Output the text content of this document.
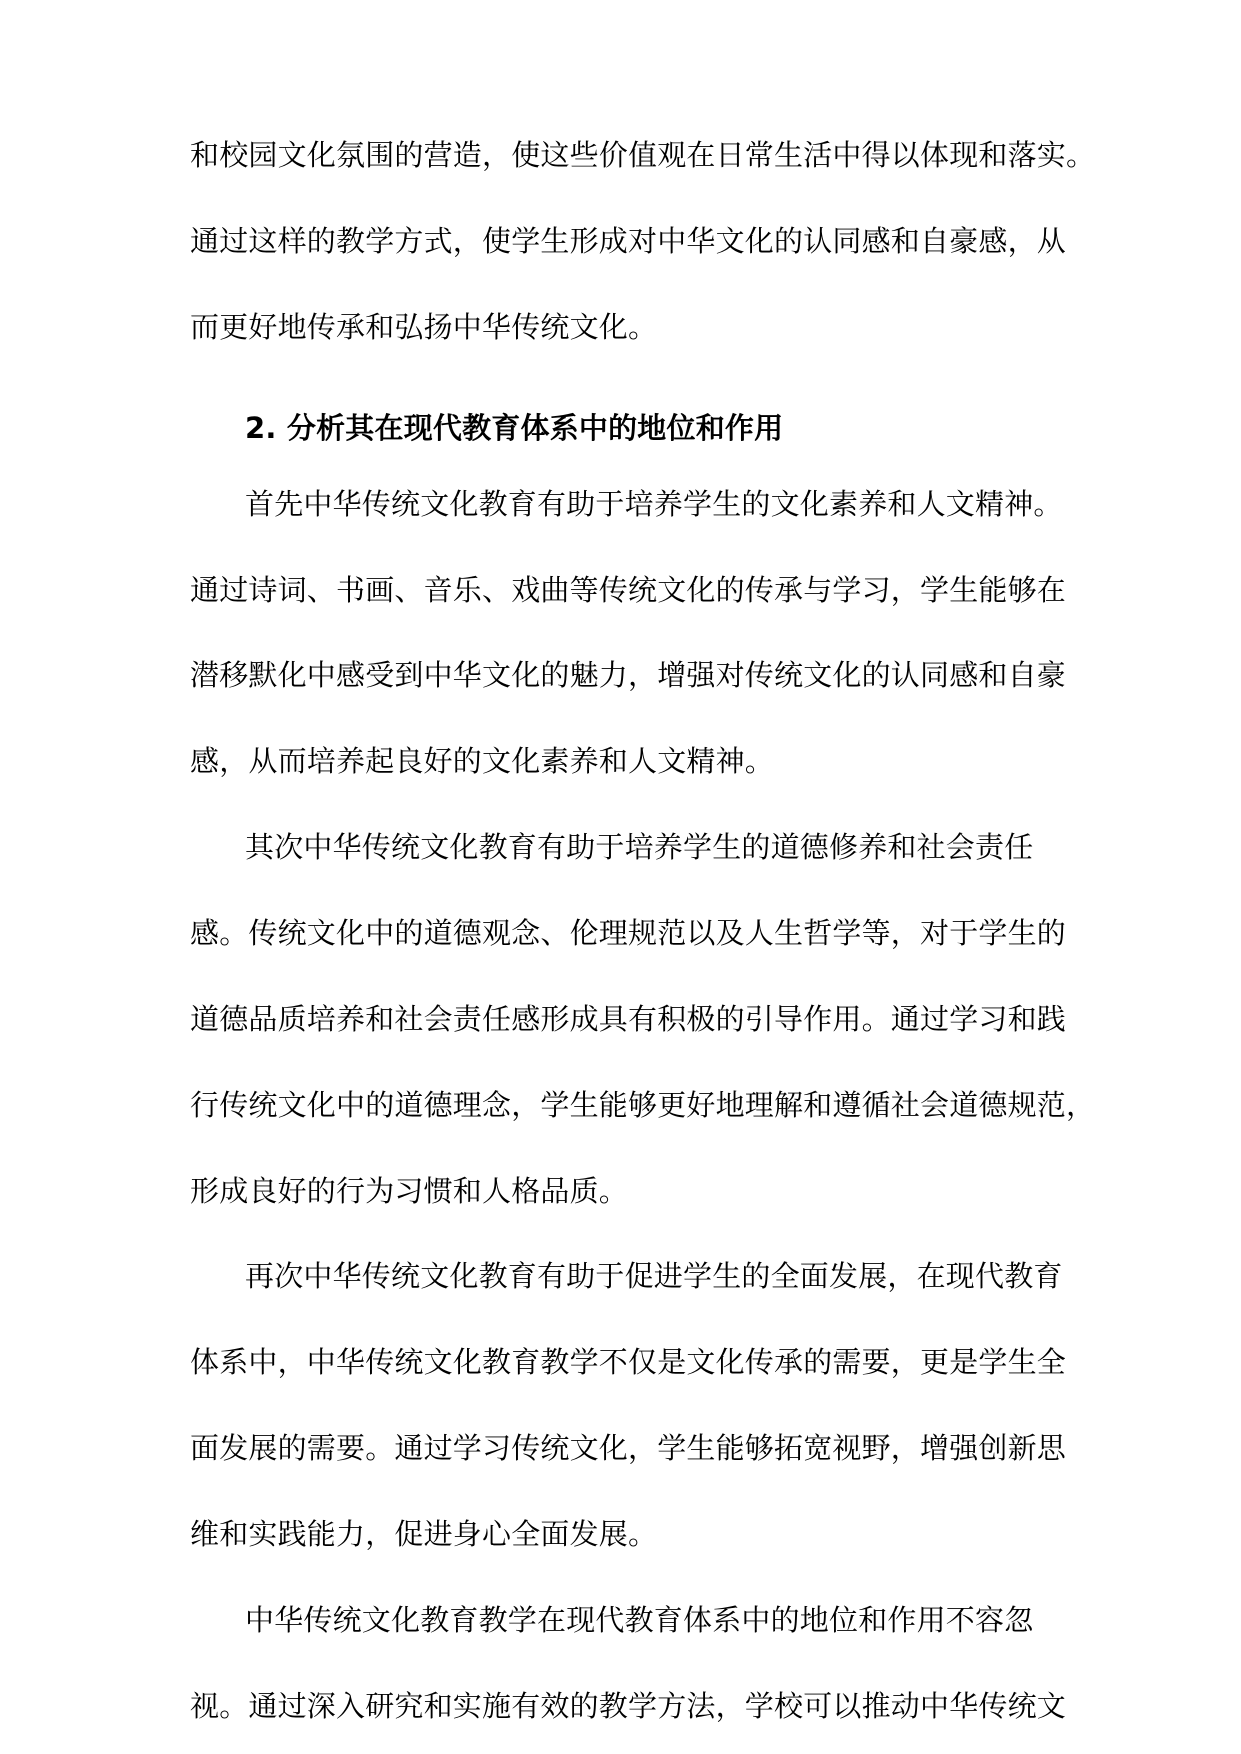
和校园文化氛围的营造，使这些价值观在日常生活中得以体现和落实。
通过这样的教学方式，使学生形成对中华文化的认同感和自豪感，从
而更好地传承和弘扬中华传统文化。
2. 分析其在现代教育体系中的地位和作用
首先中华传统文化教育有助于培养学生的文化素养和人文精神。
通过诗词、书画、音乐、戏曲等传统文化的传承与学习，学生能够在
潜移默化中感受到中华文化的魅力，增强对传统文化的认同感和自豪
感，从而培养起良好的文化素养和人文精神。
其次中华传统文化教育有助于培养学生的道德修养和社会责任
感。传统文化中的道德观念、伦理规范以及人生哲学等，对于学生的
道德品质培养和社会责任感形成具有积极的引导作用。通过学习和践
行传统文化中的道德理念，学生能够更好地理解和遵循社会道德规范，
形成良好的行为习惯和人格品质。
再次中华传统文化教育有助于促进学生的全面发展，在现代教育
体系中，中华传统文化教育教学不仅是文化传承的需要，更是学生全
面发展的需要。通过学习传统文化，学生能够拓宽视野，增强创新思
维和实践能力，促进身心全面发展。
中华传统文化教育教学在现代教育体系中的地位和作用不容忽
视。通过深入研究和实施有效的教学方法，学校可以推动中华传统文
